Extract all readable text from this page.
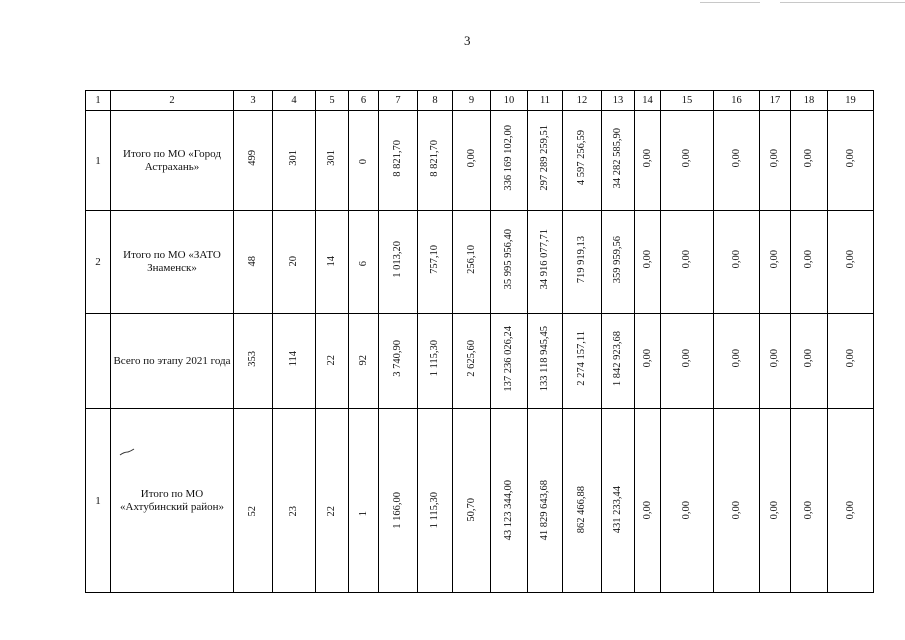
3
1	2	3	4	5	6	7	8	9	10	11	12	13	14	15	16	17	18	19
1	Итого по МО «Город Астрахань»	499	301	301	0	8 821,70	8 821,70	0,00	336 169 102,00	297 289 259,51	4 597 256,59	34 282 585,90	0,00	0,00	0,00	0,00	0,00	0,00
2	Итого по МО «ЗАТО Знаменск»	48	20	14	6	1 013,20	757,10	256,10	35 995 956,40	34 916 077,71	719 919,13	359 959,56	0,00	0,00	0,00	0,00	0,00	0,00
	Всего по этапу 2021 года	353	114	22	92	3 740,90	1 115,30	2 625,60	137 236 026,24	133 118 945,45	2 274 157,11	1 842 923,68	0,00	0,00	0,00	0,00	0,00	0,00
1	Итого по МО «Ахтубинский район»	52	23	22	1	1 166,00	1 115,30	50,70	43 123 344,00	41 829 643,68	862 466,88	431 233,44	0,00	0,00	0,00	0,00	0,00	0,00
